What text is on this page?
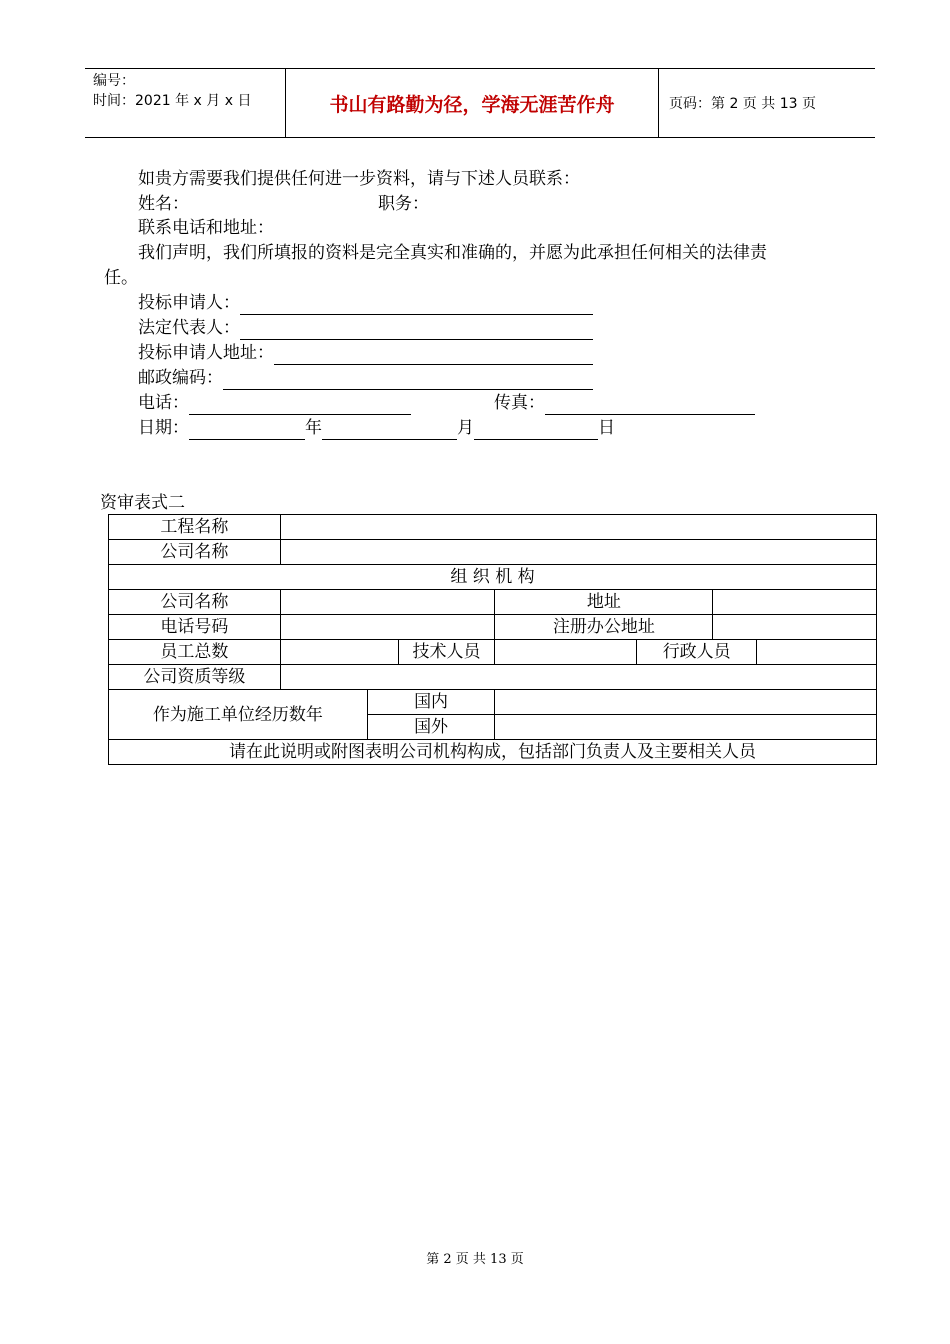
编号：
时间：2021 年 x 月 x 日	书山有路勤为径，学海无涯苦作舟	页码：第 2 页 共 13 页
如贵方需要我们提供任何进一步资料，请与下述人员联系：
姓名：	职务：
联系电话和地址：
我们声明，我们所填报的资料是完全真实和准确的，并愿为此承担任何相关的法律责
任。
投标申请人：
法定代表人：
投标申请人地址：
邮政编码：
电话：	传真：
日期：	年	月	日
资审表式二
工程名称							
公司名称							
组 织 机 构							
公司名称				地址			
电话号码				注册办公地址			
员工总数			技术人员		行政人员		
公司资质等级							
作为施工单位经历数年		国内					
		国外					
请在此说明或附图表明公司机构构成，包括部门负责人及主要相关人员							
第 2 页 共 13 页
